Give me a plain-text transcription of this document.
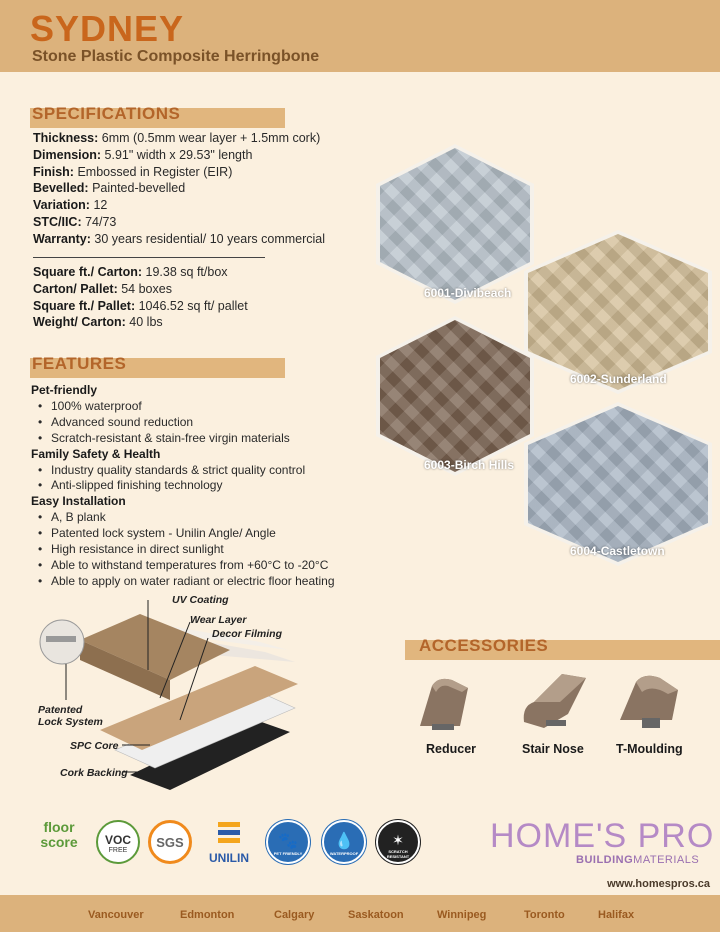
SYDNEY
Stone Plastic Composite Herringbone
SPECIFICATIONS
Thickness: 6mm (0.5mm wear layer + 1.5mm cork)
Dimension: 5.91" width x 29.53" length
Finish: Embossed in Register (EIR)
Bevelled: Painted-bevelled
Variation: 12
STC/IIC: 74/73
Warranty: 30 years residential/ 10 years commercial
Square ft./ Carton: 19.38 sq ft/box
Carton/ Pallet: 54 boxes
Square ft./ Pallet: 1046.52 sq ft/ pallet
Weight/ Carton: 40 lbs
FEATURES
Pet-friendly
• 100% waterproof
• Advanced sound reduction
• Scratch-resistant & stain-free virgin materials
Family Safety & Health
• Industry quality standards & strict quality control
• Anti-slipped finishing technology
Easy Installation
• A, B plank
• Patented lock system - Unilin Angle/ Angle
• High resistance in direct sunlight
• Able to withstand temperatures from +60°C to -20°C
• Able to apply on water radiant or electric floor heating
6001-Divibeach
6002-Sunderland
6003-Birch Hills
6004-Castletown
UV Coating
Wear Layer
Decor Filming
Patented Lock System
SPC Core
Cork Backing
ACCESSORIES
Reducer	Stair Nose	T-Moulding
floor score	VOC
FREE
SGS
UNILIN
🐾
PET FRIENDLY
💧
WATERPROOF
✶
SCRATCH RESISTANT
HOME'S PRO
BUILDINGMATERIALS
www.homespros.ca
Vancouver	Edmonton	Calgary	Saskatoon	Winnipeg	Toronto	Halifax
